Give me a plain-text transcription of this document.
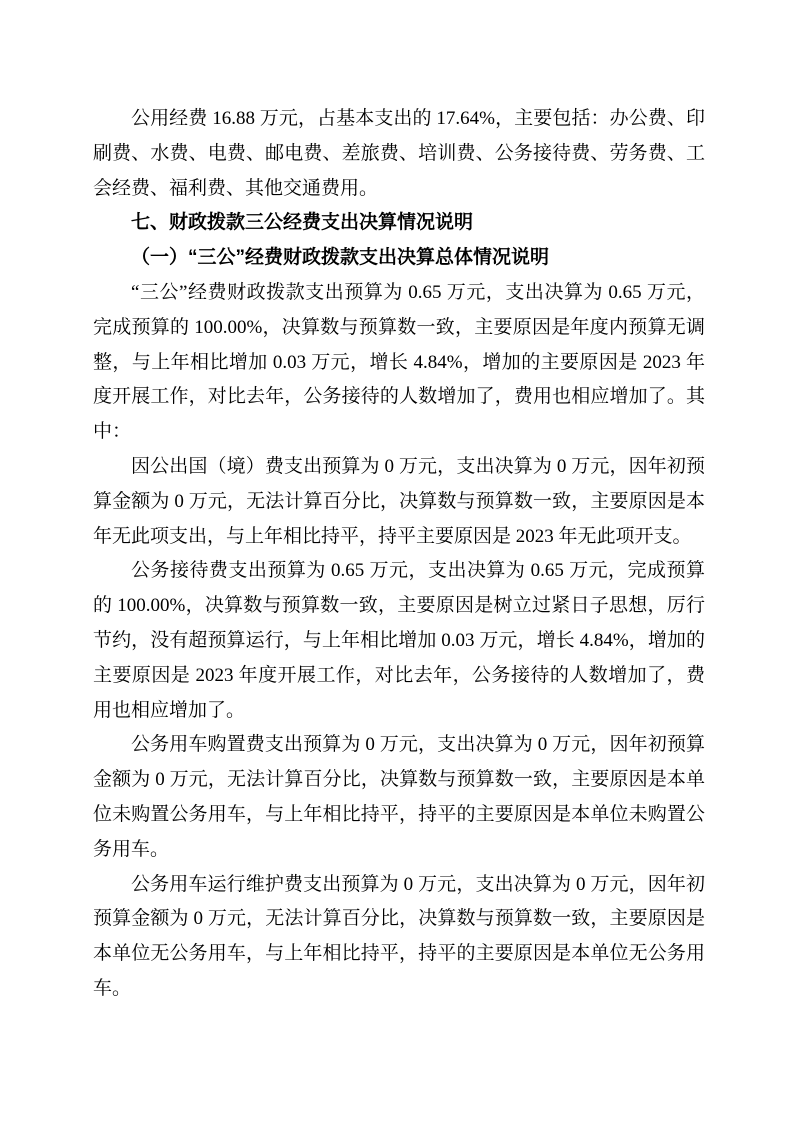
公用经费 16.88 万元，占基本支出的 17.64%，主要包括：办公费、印刷费、水费、电费、邮电费、差旅费、培训费、公务接待费、劳务费、工会经费、福利费、其他交通费用。

七、财政拨款三公经费支出决算情况说明

（一）“三公”经费财政拨款支出决算总体情况说明

“三公”经费财政拨款支出预算为 0.65 万元，支出决算为 0.65 万元，完成预算的 100.00%，决算数与预算数一致，主要原因是年度内预算无调整，与上年相比增加 0.03 万元，增长 4.84%，增加的主要原因是 2023 年度开展工作，对比去年，公务接待的人数增加了，费用也相应增加了。其中：

因公出国（境）费支出预算为 0 万元，支出决算为 0 万元，因年初预算金额为 0 万元，无法计算百分比，决算数与预算数一致，主要原因是本年无此项支出，与上年相比持平，持平主要原因是 2023 年无此项开支。

公务接待费支出预算为 0.65 万元，支出决算为 0.65 万元，完成预算的 100.00%，决算数与预算数一致，主要原因是树立过紧日子思想，厉行节约，没有超预算运行，与上年相比增加 0.03 万元，增长 4.84%，增加的主要原因是 2023 年度开展工作，对比去年，公务接待的人数增加了，费用也相应增加了。

公务用车购置费支出预算为 0 万元，支出决算为 0 万元，因年初预算金额为 0 万元，无法计算百分比，决算数与预算数一致，主要原因是本单位未购置公务用车，与上年相比持平，持平的主要原因是本单位未购置公务用车。

公务用车运行维护费支出预算为 0 万元，支出决算为 0 万元，因年初预算金额为 0 万元，无法计算百分比，决算数与预算数一致，主要原因是本单位无公务用车，与上年相比持平，持平的主要原因是本单位无公务用车。
